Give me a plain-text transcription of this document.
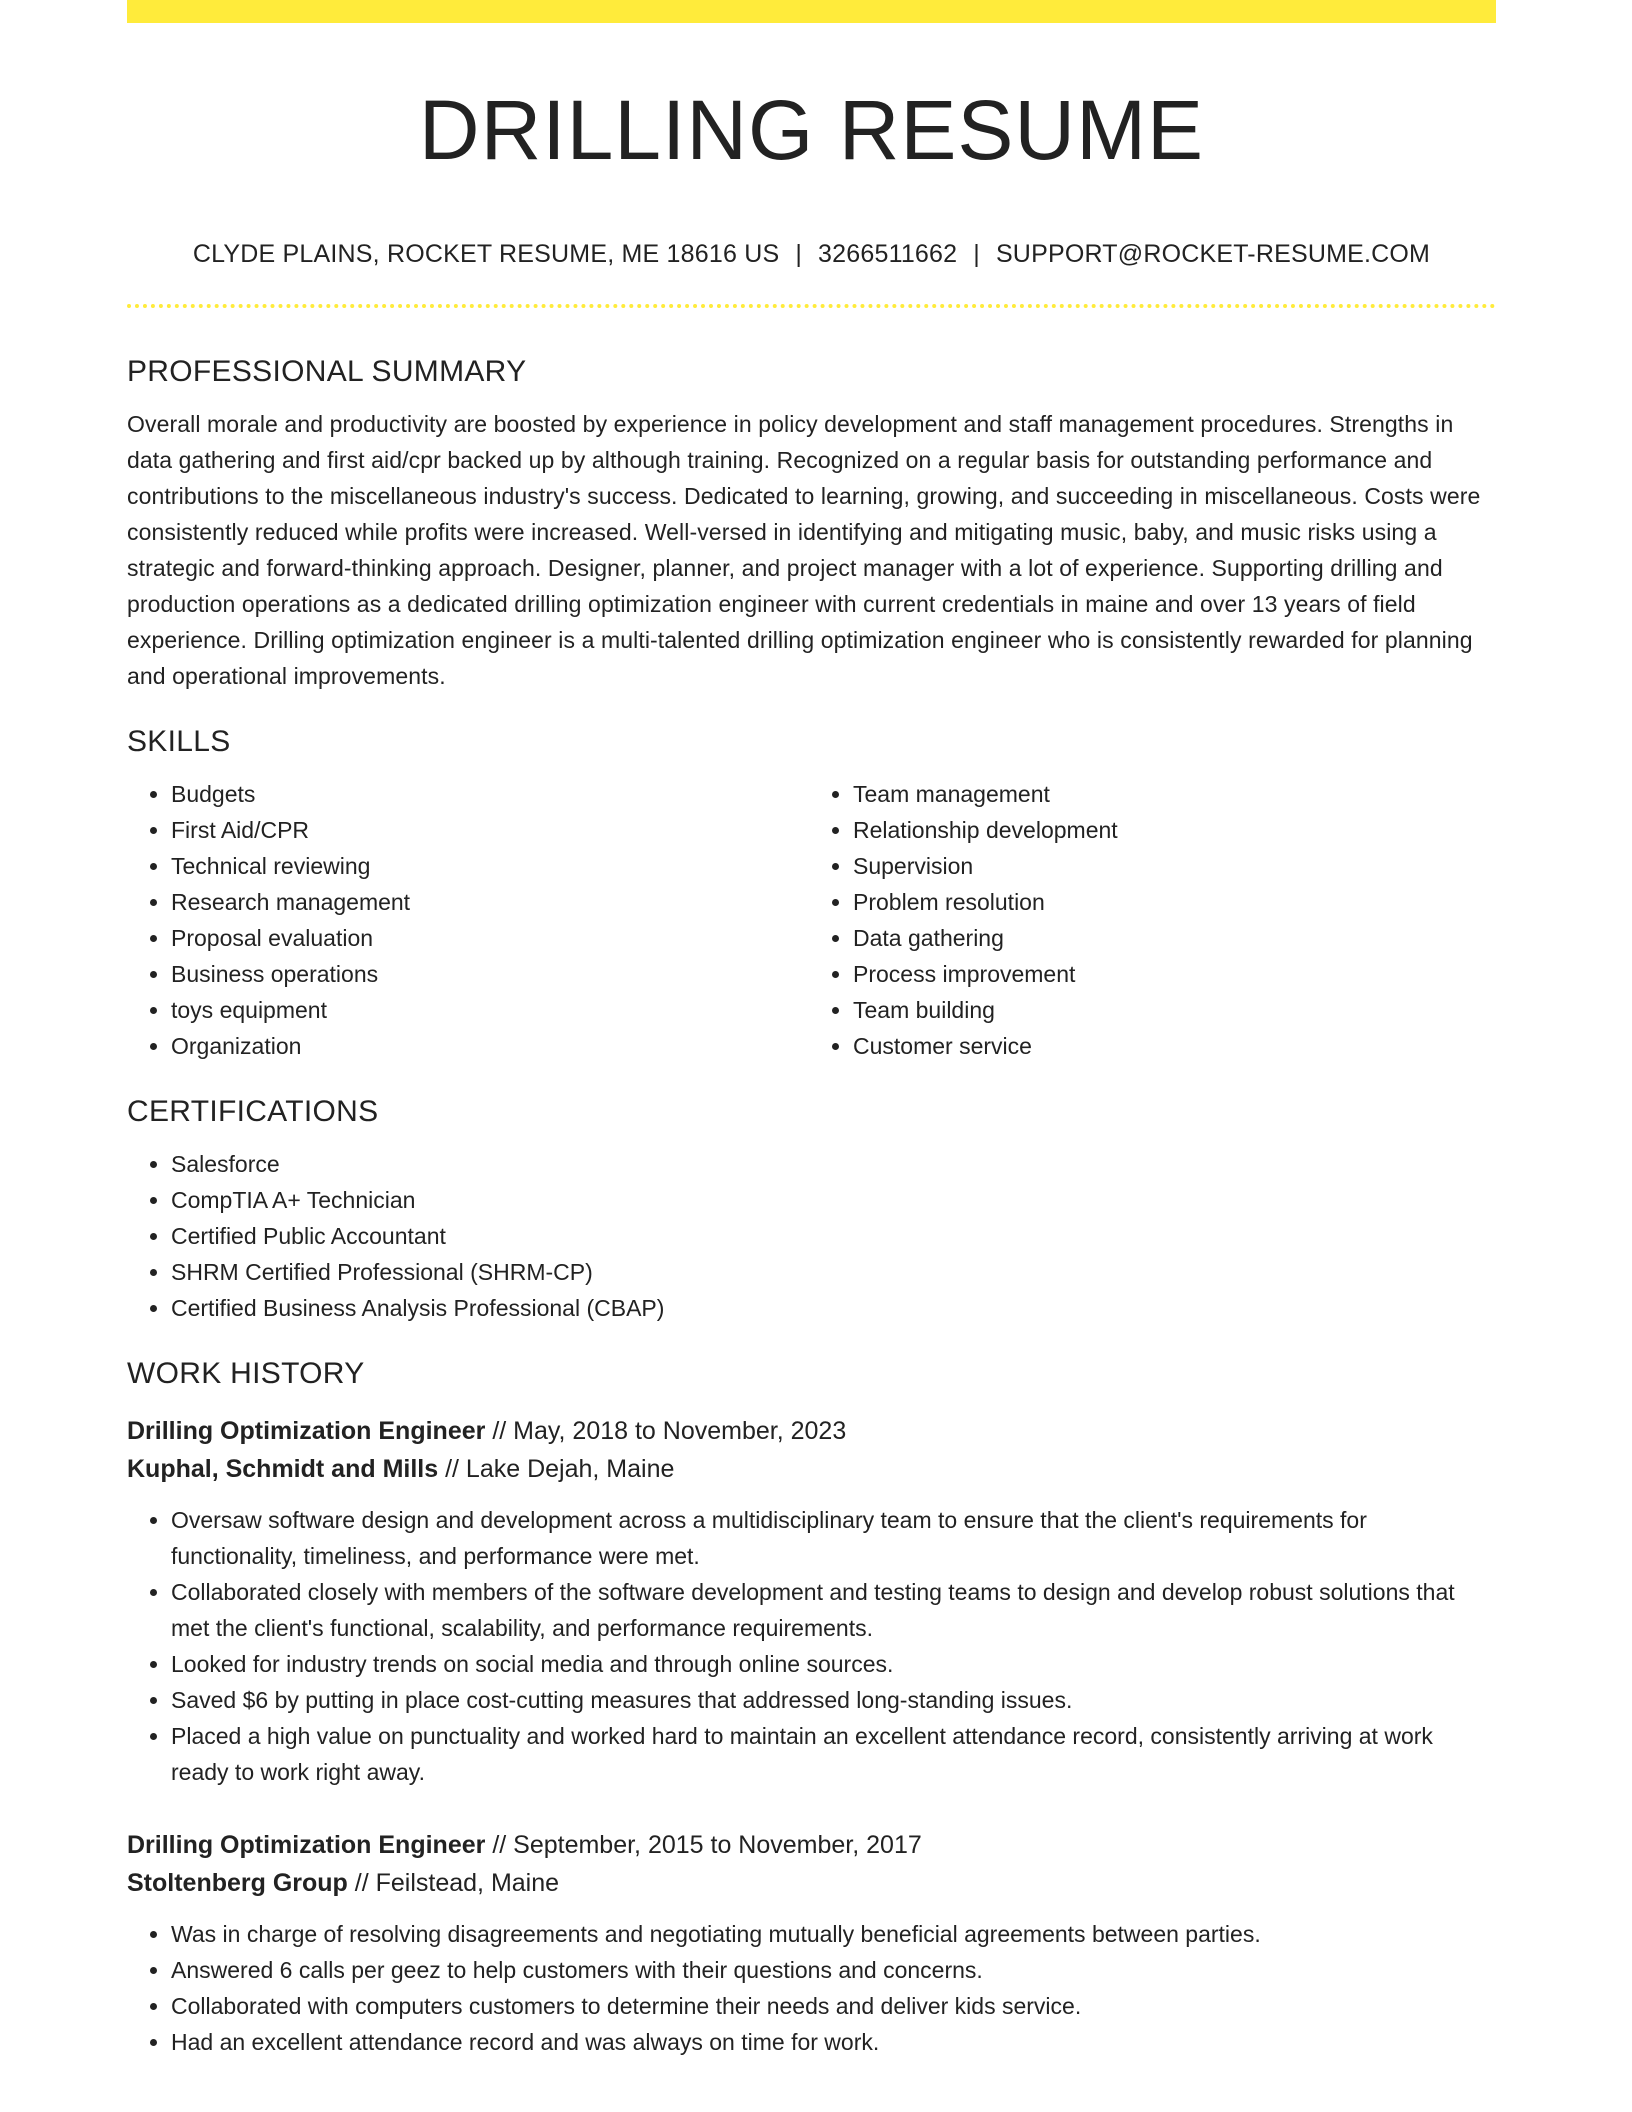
DRILLING RESUME
CLYDE PLAINS, ROCKET RESUME, ME 18616 US | 3266511662 | SUPPORT@ROCKET-RESUME.COM
PROFESSIONAL SUMMARY

Overall morale and productivity are boosted by experience in policy development and staff management procedures. Strengths in data gathering and first aid/cpr backed up by although training. Recognized on a regular basis for outstanding performance and contributions to the miscellaneous industry's success. Dedicated to learning, growing, and succeeding in miscellaneous. Costs were consistently reduced while profits were increased. Well-versed in identifying and mitigating music, baby, and music risks using a strategic and forward-thinking approach. Designer, planner, and project manager with a lot of experience. Supporting drilling and production operations as a dedicated drilling optimization engineer with current credentials in maine and over 13 years of field experience. Drilling optimization engineer is a multi-talented drilling optimization engineer who is consistently rewarded for planning and operational improvements.

SKILLS
• Budgets
• First Aid/CPR
• Technical reviewing
• Research management
• Proposal evaluation
• Business operations
• toys equipment
• Organization
• Team management
• Relationship development
• Supervision
• Problem resolution
• Data gathering
• Process improvement
• Team building
• Customer service
CERTIFICATIONS
• Salesforce
• CompTIA A+ Technician
• Certified Public Accountant
• SHRM Certified Professional (SHRM-CP)
• Certified Business Analysis Professional (CBAP)
WORK HISTORY
Drilling Optimization Engineer // May, 2018 to November, 2023
Kuphal, Schmidt and Mills // Lake Dejah, Maine
• Oversaw software design and development across a multidisciplinary team to ensure that the client's requirements for functionality, timeliness, and performance were met.
• Collaborated closely with members of the software development and testing teams to design and develop robust solutions that met the client's functional, scalability, and performance requirements.
• Looked for industry trends on social media and through online sources.
• Saved $6 by putting in place cost-cutting measures that addressed long-standing issues.
• Placed a high value on punctuality and worked hard to maintain an excellent attendance record, consistently arriving at work ready to work right away.
Drilling Optimization Engineer // September, 2015 to November, 2017
Stoltenberg Group // Feilstead, Maine
• Was in charge of resolving disagreements and negotiating mutually beneficial agreements between parties.
• Answered 6 calls per geez to help customers with their questions and concerns.
• Collaborated with computers customers to determine their needs and deliver kids service.
• Had an excellent attendance record and was always on time for work.
